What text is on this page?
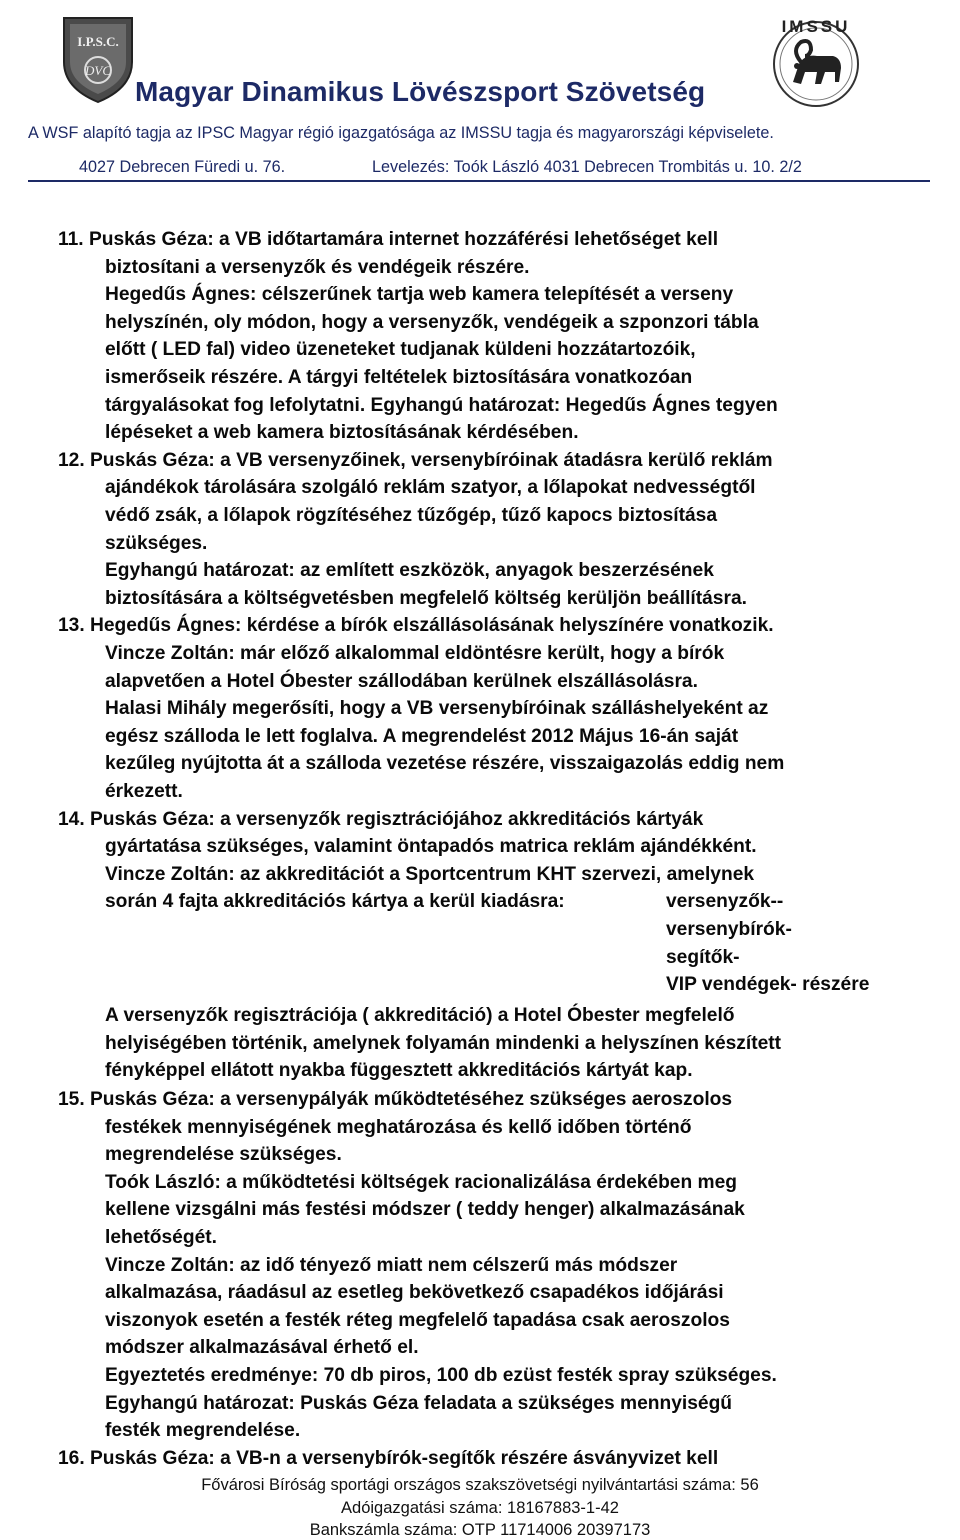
I.P.S.C.
DVC
IMSSU
Magyar Dinamikus Lövészsport Szövetség
A WSF alapító tagja az IPSC Magyar régió igazgatósága az IMSSU tagja és magyarországi képviselete.
4027 Debrecen Füredi u. 76.	Levelezés: Toók László 4031 Debrecen Trombitás u. 10. 2/2
11. Puskás Géza: a VB időtartamára internet hozzáférési lehetőséget kell
biztosítani a versenyzők és vendégeik részére.
Hegedűs Ágnes: célszerűnek tartja web kamera telepítését a verseny
helyszínén, oly módon, hogy a versenyzők, vendégeik a szponzori tábla
előtt ( LED fal) video üzeneteket tudjanak küldeni hozzátartozóik,
ismerőseik részére. A tárgyi feltételek biztosítására vonatkozóan
tárgyalásokat fog lefolytatni. Egyhangú határozat: Hegedűs Ágnes tegyen
lépéseket a web kamera biztosításának kérdésében.
12. Puskás Géza: a VB versenyzőinek, versenybíróinak átadásra kerülő reklám
ajándékok tárolására szolgáló reklám szatyor, a lőlapokat nedvességtől
védő zsák, a lőlapok rögzítéséhez tűzőgép, tűző kapocs biztosítása
szükséges.
Egyhangú határozat: az említett eszközök, anyagok beszerzésének
biztosítására a költségvetésben megfelelő költség kerüljön beállításra.
13. Hegedűs Ágnes: kérdése a bírók elszállásolásának helyszínére vonatkozik.
Vincze Zoltán: már előző alkalommal eldöntésre került, hogy a bírók
alapvetően a Hotel Óbester szállodában kerülnek elszállásolásra.
Halasi Mihály megerősíti, hogy a VB versenybíróinak szálláshelyeként az
egész szálloda le lett foglalva. A megrendelést 2012 Május 16-án saját
kezűleg nyújtotta át a szálloda vezetése részére, visszaigazolás eddig nem
érkezett.
14. Puskás Géza: a versenyzők regisztrációjához akkreditációs kártyák
gyártatása szükséges, valamint öntapadós matrica reklám ajándékként.
Vincze Zoltán: az akkreditációt a Sportcentrum KHT szervezi, amelynek
során 4 fajta akkreditációs kártya a kerül kiadásra:	versenyzők--
versenybírók-
segítők-
VIP vendégek- részére
A versenyzők regisztrációja ( akkreditáció) a Hotel Óbester megfelelő
helyiségében történik, amelynek folyamán mindenki a helyszínen készített
fényképpel ellátott nyakba függesztett akkreditációs kártyát kap.
15. Puskás Géza: a versenypályák működtetéséhez szükséges aeroszolos
festékek mennyiségének meghatározása és kellő időben történő
megrendelése szükséges.
Toók László: a működtetési költségek racionalizálása érdekében meg
kellene vizsgálni más festési módszer ( teddy henger) alkalmazásának
lehetőségét.
Vincze Zoltán: az idő tényező miatt nem célszerű más módszer
alkalmazása, ráadásul az esetleg bekövetkező csapadékos időjárási
viszonyok esetén a festék réteg megfelelő tapadása csak aeroszolos
módszer alkalmazásával érhető el.
Egyeztetés eredménye: 70 db piros, 100 db ezüst festék spray szükséges.
Egyhangú határozat: Puskás Géza feladata a szükséges mennyiségű
festék megrendelése.
16. Puskás Géza: a VB-n a versenybírók-segítők részére ásványvizet kell
Fővárosi Bíróság sportági országos szakszövetségi nyilvántartási száma: 56
Adóigazgatási száma: 18167883-1-42
Bankszámla száma: OTP 11714006 20397173
